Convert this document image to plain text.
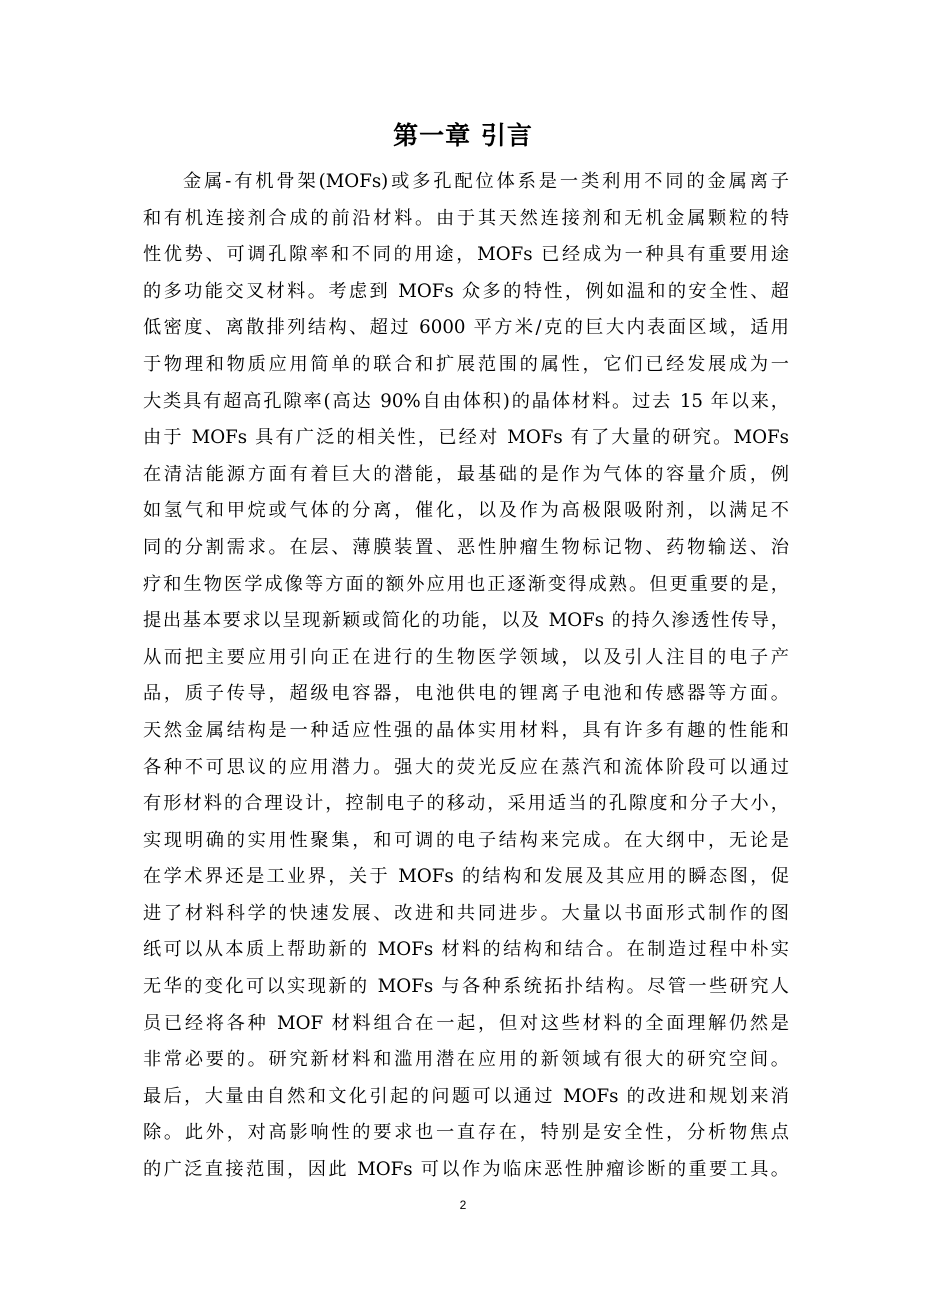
第一章 引言
金属-有机骨架(MOFs)或多孔配位体系是一类利用不同的金属离子
和有机连接剂合成的前沿材料。由于其天然连接剂和无机金属颗粒的特
性优势、可调孔隙率和不同的用途，MOFs 已经成为一种具有重要用途
的多功能交叉材料。考虑到 MOFs 众多的特性，例如温和的安全性、超
低密度、离散排列结构、超过 6000 平方米/克的巨大内表面区域，适用
于物理和物质应用简单的联合和扩展范围的属性，它们已经发展成为一
大类具有超高孔隙率(高达 90%自由体积)的晶体材料。过去 15 年以来，
由于 MOFs 具有广泛的相关性，已经对 MOFs 有了大量的研究。MOFs
在清洁能源方面有着巨大的潜能，最基础的是作为气体的容量介质，例
如氢气和甲烷或气体的分离，催化，以及作为高极限吸附剂，以满足不
同的分割需求。在层、薄膜装置、恶性肿瘤生物标记物、药物输送、治
疗和生物医学成像等方面的额外应用也正逐渐变得成熟。但更重要的是，
提出基本要求以呈现新颖或简化的功能，以及 MOFs 的持久渗透性传导，
从而把主要应用引向正在进行的生物医学领域，以及引人注目的电子产
品，质子传导，超级电容器，电池供电的锂离子电池和传感器等方面。
天然金属结构是一种适应性强的晶体实用材料，具有许多有趣的性能和
各种不可思议的应用潜力。强大的荧光反应在蒸汽和流体阶段可以通过
有形材料的合理设计，控制电子的移动，采用适当的孔隙度和分子大小，
实现明确的实用性聚集，和可调的电子结构来完成。在大纲中，无论是
在学术界还是工业界，关于 MOFs 的结构和发展及其应用的瞬态图，促
进了材料科学的快速发展、改进和共同进步。大量以书面形式制作的图
纸可以从本质上帮助新的 MOFs 材料的结构和结合。在制造过程中朴实
无华的变化可以实现新的 MOFs 与各种系统拓扑结构。尽管一些研究人
员已经将各种 MOF 材料组合在一起，但对这些材料的全面理解仍然是
非常必要的。研究新材料和滥用潜在应用的新领域有很大的研究空间。
最后，大量由自然和文化引起的问题可以通过 MOFs 的改进和规划来消
除。此外，对高影响性的要求也一直存在，特别是安全性，分析物焦点
的广泛直接范围，因此 MOFs 可以作为临床恶性肿瘤诊断的重要工具。
2
